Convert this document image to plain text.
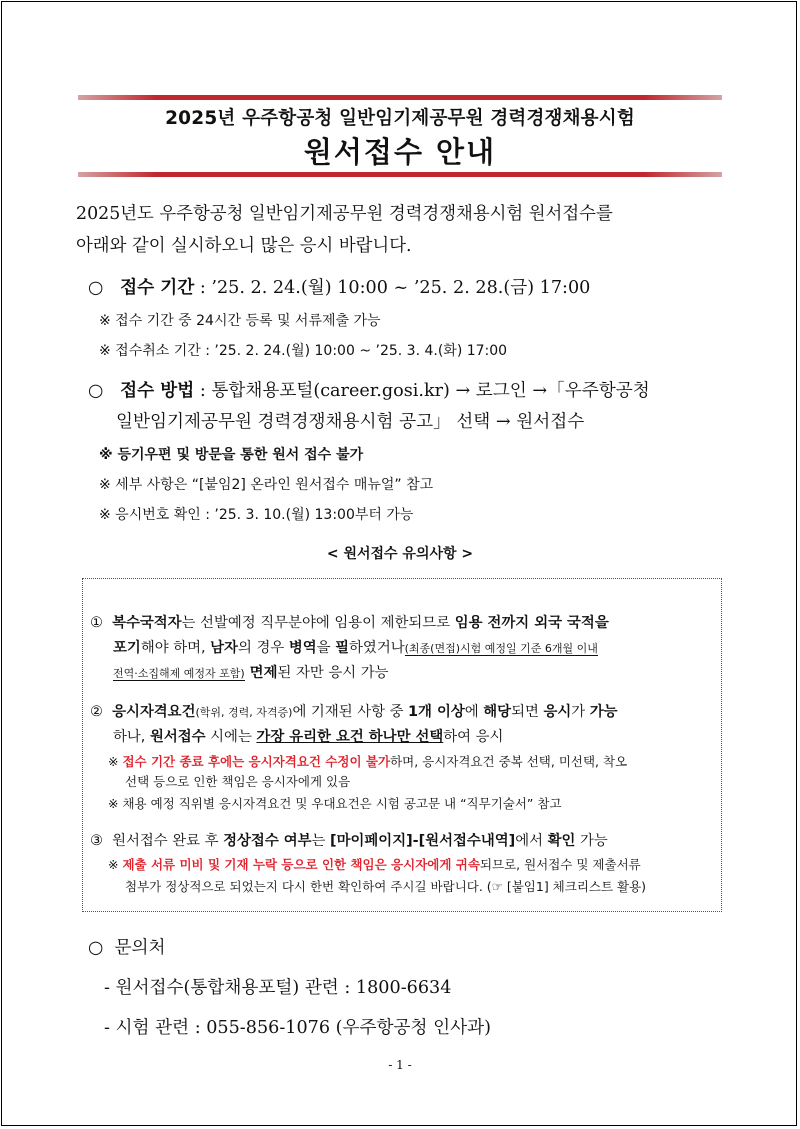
2025년 우주항공청 일반임기제공무원 경력경쟁채용시험
원서접수 안내
2025년도 우주항공청 일반임기제공무원 경력경쟁채용시험 원서접수를
아래와 같이 실시하오니 많은 응시 바랍니다.
○ 접수 기간 : ’25. 2. 24.(월) 10:00 ~ ’25. 2. 28.(금) 17:00
※ 접수 기간 중 24시간 등록 및 서류제출 가능
※ 접수취소 기간 : ’25. 2. 24.(월) 10:00 ~ ’25. 3. 4.(화) 17:00
○ 접수 방법 : 통합채용포털(career.gosi.kr) → 로그인 →「우주항공청
일반임기제공무원 경력경쟁채용시험 공고」 선택 → 원서접수
※ 등기우편 및 방문을 통한 원서 접수 불가
※ 세부 사항은 “[붙임2] 온라인 원서접수 매뉴얼” 참고
※ 응시번호 확인 : ’25. 3. 10.(월) 13:00부터 가능
< 원서접수 유의사항 >
① 복수국적자는 선발예정 직무분야에 임용이 제한되므로 임용 전까지 외국 국적을
포기해야 하며, 남자의 경우 병역을 필하였거나(최종(면접)시험 예정일 기준 6개월 이내
전역·소집해제 예정자 포함) 면제된 자만 응시 가능
② 응시자격요건(학위, 경력, 자격증)에 기재된 사항 중 1개 이상에 해당되면 응시가 가능
하나, 원서접수 시에는 가장 유리한 요건 하나만 선택하여 응시
※ 접수 기간 종료 후에는 응시자격요건 수정이 불가하며, 응시자격요건 중복 선택, 미선택, 착오
선택 등으로 인한 책임은 응시자에게 있음
※ 채용 예정 직위별 응시자격요건 및 우대요건은 시험 공고문 내 “직무기술서” 참고
③ 원서접수 완료 후 정상접수 여부는 [마이페이지]-[원서접수내역]에서 확인 가능
※ 제출 서류 미비 및 기재 누락 등으로 인한 책임은 응시자에게 귀속되므로, 원서접수 및 제출서류
첨부가 정상적으로 되었는지 다시 한번 확인하여 주시길 바랍니다. (☞ [붙임1] 체크리스트 활용)
○ 문의처
- 원서접수(통합채용포털) 관련 : 1800-6634
- 시험 관련 : 055-856-1076 (우주항공청 인사과)
- 1 -
